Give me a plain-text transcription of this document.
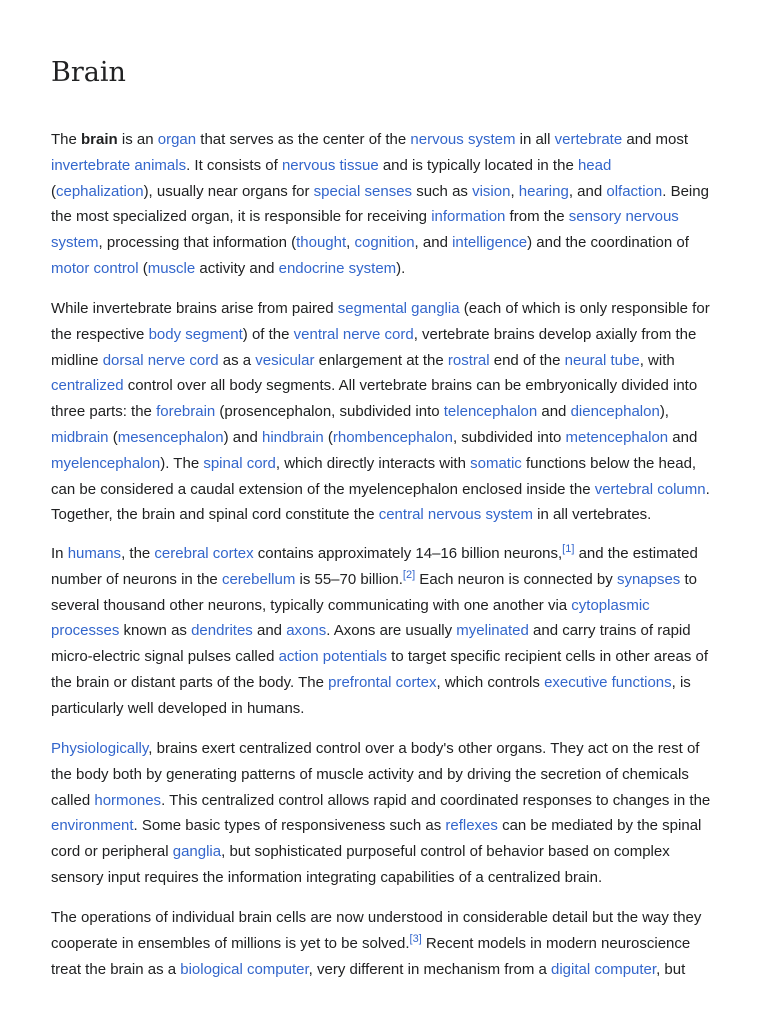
Brain

The brain is an organ that serves as the center of the nervous system in all vertebrate and most
invertebrate animals. It consists of nervous tissue and is typically located in the head
(cephalization), usually near organs for special senses such as vision, hearing, and olfaction. Being
the most specialized organ, it is responsible for receiving information from the sensory nervous
system, processing that information (thought, cognition, and intelligence) and the coordination of
motor control (muscle activity and endocrine system).

While invertebrate brains arise from paired segmental ganglia (each of which is only responsible for
the respective body segment) of the ventral nerve cord, vertebrate brains develop axially from the
midline dorsal nerve cord as a vesicular enlargement at the rostral end of the neural tube, with
centralized control over all body segments. All vertebrate brains can be embryonically divided into
three parts: the forebrain (prosencephalon, subdivided into telencephalon and diencephalon),
midbrain (mesencephalon) and hindbrain (rhombencephalon, subdivided into metencephalon and
myelencephalon). The spinal cord, which directly interacts with somatic functions below the head,
can be considered a caudal extension of the myelencephalon enclosed inside the vertebral column.
Together, the brain and spinal cord constitute the central nervous system in all vertebrates.

In humans, the cerebral cortex contains approximately 14–16 billion neurons,[1] and the estimated
number of neurons in the cerebellum is 55–70 billion.[2] Each neuron is connected by synapses to
several thousand other neurons, typically communicating with one another via cytoplasmic
processes known as dendrites and axons. Axons are usually myelinated and carry trains of rapid
micro-electric signal pulses called action potentials to target specific recipient cells in other areas of
the brain or distant parts of the body. The prefrontal cortex, which controls executive functions, is
particularly well developed in humans.

Physiologically, brains exert centralized control over a body's other organs. They act on the rest of
the body both by generating patterns of muscle activity and by driving the secretion of chemicals
called hormones. This centralized control allows rapid and coordinated responses to changes in the
environment. Some basic types of responsiveness such as reflexes can be mediated by the spinal
cord or peripheral ganglia, but sophisticated purposeful control of behavior based on complex
sensory input requires the information integrating capabilities of a centralized brain.

The operations of individual brain cells are now understood in considerable detail but the way they
cooperate in ensembles of millions is yet to be solved.[3] Recent models in modern neuroscience
treat the brain as a biological computer, very different in mechanism from a digital computer, but
